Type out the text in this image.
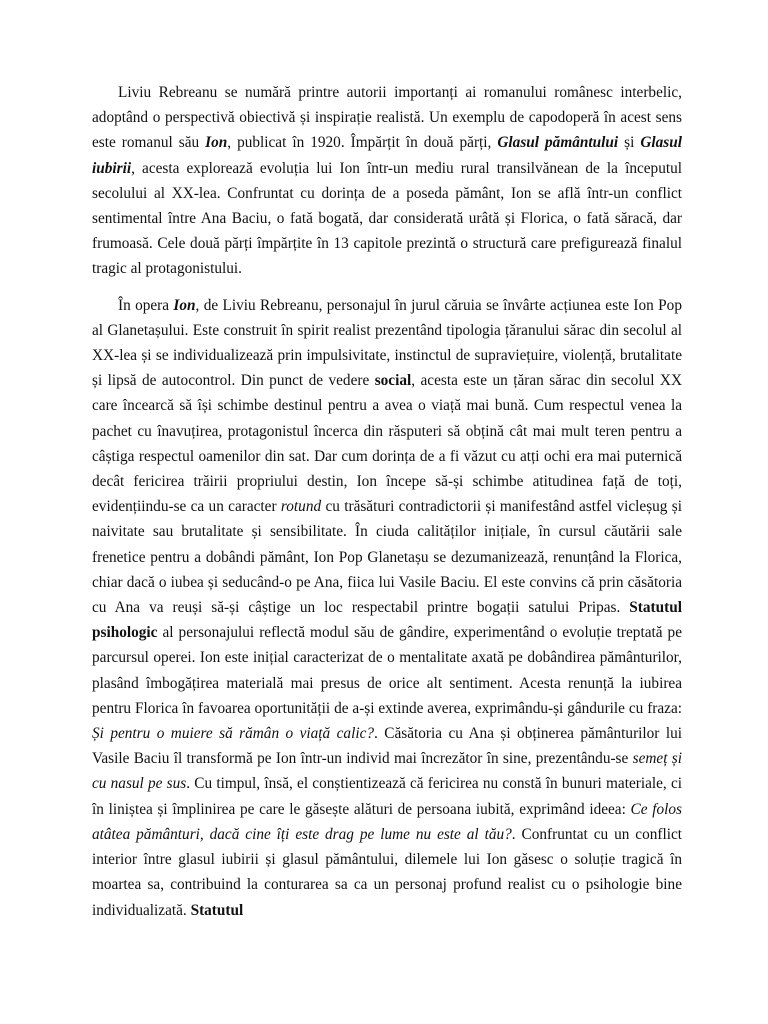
Liviu Rebreanu se numără printre autorii importanți ai romanului românesc interbelic, adoptând o perspectivă obiectivă și inspirație realistă. Un exemplu de capodoperă în acest sens este romanul său Ion, publicat în 1920. Împărțit în două părți, Glasul pământului și Glasul iubirii, acesta explorează evoluția lui Ion într-un mediu rural transilvănean de la începutul secolului al XX-lea. Confruntat cu dorința de a poseda pământ, Ion se află într-un conflict sentimental între Ana Baciu, o fată bogată, dar considerată urâtă și Florica, o fată săracă, dar frumoasă. Cele două părți împărțite în 13 capitole prezintă o structură care prefigurează finalul tragic al protagonistului.

În opera Ion, de Liviu Rebreanu, personajul în jurul căruia se învârte acțiunea este Ion Pop al Glanetașului. Este construit în spirit realist prezentând tipologia țăranului sărac din secolul al XX-lea și se individualizează prin impulsivitate, instinctul de supraviețuire, violență, brutalitate și lipsă de autocontrol. Din punct de vedere social, acesta este un țăran sărac din secolul XX care încearcă să își schimbe destinul pentru a avea o viață mai bună. Cum respectul venea la pachet cu înavuțirea, protagonistul încerca din răsputeri să obțină cât mai mult teren pentru a câștiga respectul oamenilor din sat. Dar cum dorința de a fi văzut cu atți ochi era mai puternică decât fericirea trăirii propriului destin, Ion începe să-și schimbe atitudinea față de toți, evidențiindu-se ca un caracter rotund cu trăsături contradictorii și manifestând astfel vicleșug și naivitate sau brutalitate și sensibilitate. În ciuda calităților inițiale, în cursul căutării sale frenetice pentru a dobândi pământ, Ion Pop Glanetașu se dezumanizează, renunțând la Florica, chiar dacă o iubea și seducând-o pe Ana, fiica lui Vasile Baciu. El este convins că prin căsătoria cu Ana va reuși să-și câștige un loc respectabil printre bogații satului Pripas. Statutul psihologic al personajului reflectă modul său de gândire, experimentând o evoluție treptată pe parcursul operei. Ion este inițial caracterizat de o mentalitate axată pe dobândirea pământurilor, plasând îmbogățirea materială mai presus de orice alt sentiment. Acesta renunță la iubirea pentru Florica în favoarea oportunității de a-și extinde averea, exprimându-și gândurile cu fraza: Și pentru o muiere să rămân o viață calic?. Căsătoria cu Ana și obținerea pământurilor lui Vasile Baciu îl transformă pe Ion într-un individ mai încrezător în sine, prezentându-se semeț și cu nasul pe sus. Cu timpul, însă, el conștientizează că fericirea nu constă în bunuri materiale, ci în liniștea și împlinirea pe care le găsește alături de persoana iubită, exprimând ideea: Ce folos atâtea pământuri, dacă cine îți este drag pe lume nu este al tău?. Confruntat cu un conflict interior între glasul iubirii și glasul pământului, dilemele lui Ion găsesc o soluție tragică în moartea sa, contribuind la conturarea sa ca un personaj profund realist cu o psihologie bine individualizată. Statutul
